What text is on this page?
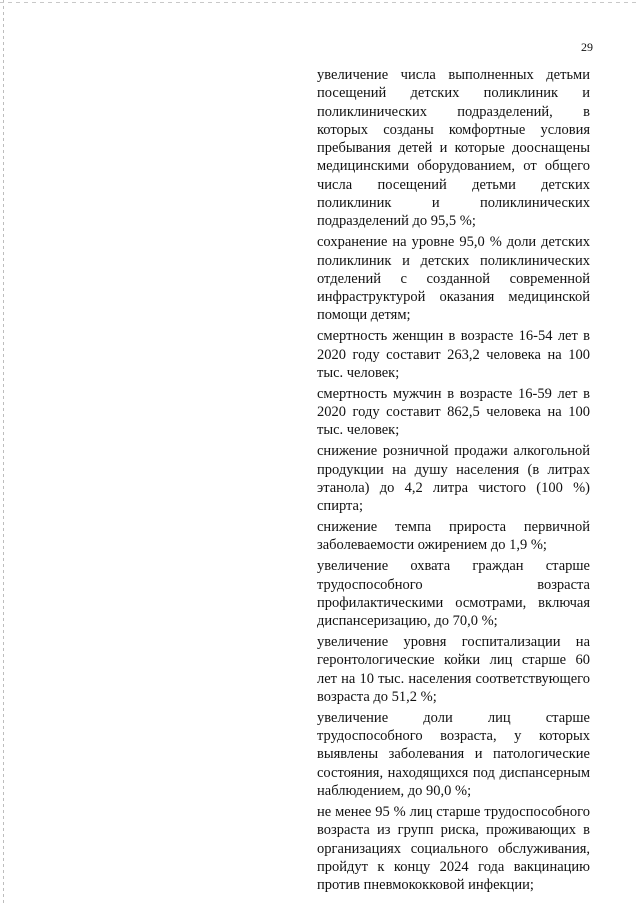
29

увеличение числа выполненных детьми посещений детских поликлиник и поликлинических подразделений, в которых созданы комфортные условия пребывания детей и которые дооснащены медицинскими оборудованием, от общего числа посещений детьми детских поликлиник и поликлинических подразделений до 95,5 %;

сохранение на уровне 95,0 % доли детских поликлиник и детских поликлинических отделений с созданной современной инфраструктурой оказания медицинской помощи детям;

смертность женщин в возрасте 16-54 лет в 2020 году составит 263,2 человека на 100 тыс. человек;

смертность мужчин в возрасте 16-59 лет в 2020 году составит 862,5 человека на 100 тыс. человек;

снижение розничной продажи алкогольной продукции на душу населения (в литрах этанола) до 4,2 литра чистого (100 %) спирта;

снижение темпа прироста первичной заболеваемости ожирением до 1,9 %;

увеличение охвата граждан старше трудоспособного возраста профилактическими осмотрами, включая диспансеризацию, до 70,0 %;

увеличение уровня госпитализации на геронтологические койки лиц старше 60 лет на 10 тыс. населения соответствующего возраста до 51,2 %;

увеличение доли лиц старше трудоспособного возраста, у которых выявлены заболевания и патологические состояния, находящихся под диспансерным наблюдением, до 90,0 %;

не менее 95 % лиц старше трудоспособного возраста из групп риска, проживающих в организациях социального обслуживания, пройдут к концу 2024 года вакцинацию против пневмококковой инфекции;
